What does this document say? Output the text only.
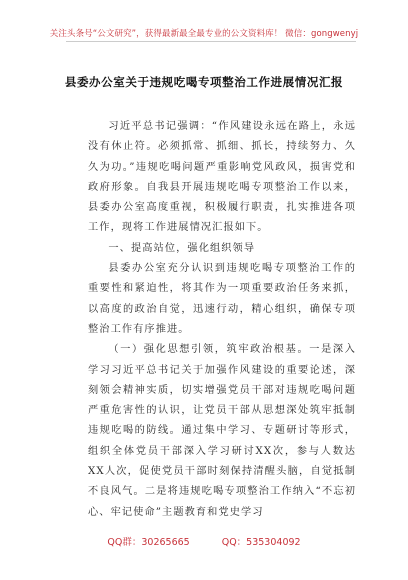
关注头条号“公文研究”，获得最新最全最专业的公文资料库！ 微信：gongwenyj
县委办公室关于违规吃喝专项整治工作进展情况汇报

习近平总书记强调：“作风建设永远在路上，永远没有休止符。必须抓常、抓细、抓长，持续努力、久久为功。”违规吃喝问题严重影响党风政风，损害党和政府形象。自我县开展违规吃喝专项整治工作以来，县委办公室高度重视，积极履行职责，扎实推进各项工作，现将工作进展情况汇报如下。

一、提高站位，强化组织领导

县委办公室充分认识到违规吃喝专项整治工作的重要性和紧迫性，将其作为一项重要政治任务来抓，以高度的政治自觉，迅速行动，精心组织，确保专项整治工作有序推进。

（一）强化思想引领，筑牢政治根基。一是深入学习习近平总书记关于加强作风建设的重要论述，深刻领会精神实质，切实增强党员干部对违规吃喝问题严重危害性的认识，让党员干部从思想深处筑牢抵制违规吃喝的防线。通过集中学习、专题研讨等形式，组织全体党员干部深入学习研讨XX次，参与人数达XX人次，促使党员干部时刻保持清醒头脑，自觉抵制不良风气。二是将违规吃喝专项整治工作纳入“不忘初心、牢记使命”主题教育和党史学习

QQ群：30265665	QQ：535304092
